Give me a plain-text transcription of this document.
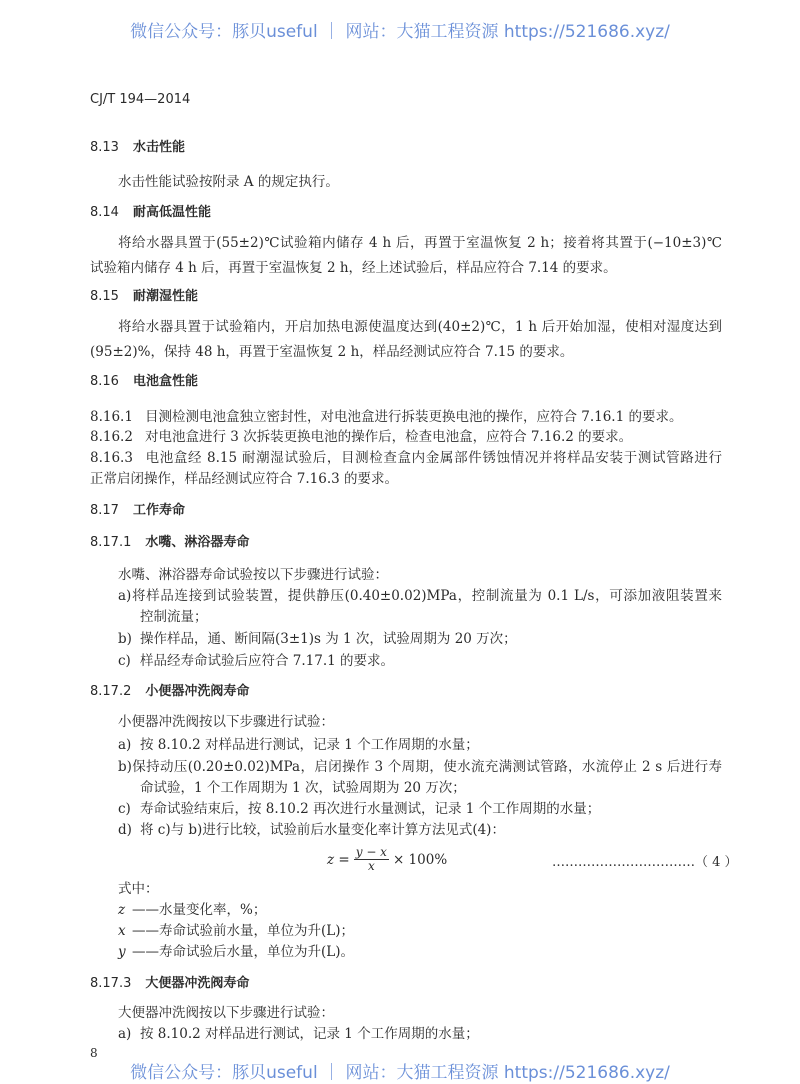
微信公众号：豚贝useful ｜ 网站：大猫工程资源 https://521686.xyz/
CJ/T 194—2014
8.13 水击性能
水击性能试验按附录 A 的规定执行。
8.14 耐高低温性能
将给水器具置于(55±2)℃试验箱内储存 4 h 后，再置于室温恢复 2 h；接着将其置于(−10±3)℃
试验箱内储存 4 h 后，再置于室温恢复 2 h，经上述试验后，样品应符合 7.14 的要求。
8.15 耐潮湿性能
将给水器具置于试验箱内，开启加热电源使温度达到(40±2)℃，1 h 后开始加湿，使相对湿度达到
(95±2)%，保持 48 h，再置于室温恢复 2 h，样品经测试应符合 7.15 的要求。
8.16 电池盒性能
8.16.1 目测检测电池盒独立密封性，对电池盒进行拆装更换电池的操作，应符合 7.16.1 的要求。
8.16.2 对电池盒进行 3 次拆装更换电池的操作后，检查电池盒，应符合 7.16.2 的要求。
8.16.3 电池盒经 8.15 耐潮湿试验后，目测检查盒内金属部件锈蚀情况并将样品安装于测试管路进行
正常启闭操作，样品经测试应符合 7.16.3 的要求。
8.17 工作寿命
8.17.1 水嘴、淋浴器寿命
水嘴、淋浴器寿命试验按以下步骤进行试验：
a)将样品连接到试验装置，提供静压(0.40±0.02)MPa，控制流量为 0.1 L/s，可添加液阻装置来
控制流量；
b) 操作样品，通、断间隔(3±1)s 为 1 次，试验周期为 20 万次；
c) 样品经寿命试验后应符合 7.17.1 的要求。
8.17.2 小便器冲洗阀寿命
小便器冲洗阀按以下步骤进行试验：
a) 按 8.10.2 对样品进行测试，记录 1 个工作周期的水量；
b)保持动压(0.20±0.02)MPa，启闭操作 3 个周期，使水流充满测试管路，水流停止 2 s 后进行寿
命试验，1 个工作周期为 1 次，试验周期为 20 万次；
c) 寿命试验结束后，按 8.10.2 再次进行水量测试，记录 1 个工作周期的水量；
d) 将 c)与 b)进行比较，试验前后水量变化率计算方法见式(4)：
$z = \frac{y - x}{x} \times 100\%$	……………………………（ 4 ）
式中：
z ——水量变化率，%；
x ——寿命试验前水量，单位为升(L)；
y ——寿命试验后水量，单位为升(L)。
8.17.3 大便器冲洗阀寿命
大便器冲洗阀按以下步骤进行试验：
a) 按 8.10.2 对样品进行测试，记录 1 个工作周期的水量；
8
微信公众号：豚贝useful ｜ 网站：大猫工程资源 https://521686.xyz/
